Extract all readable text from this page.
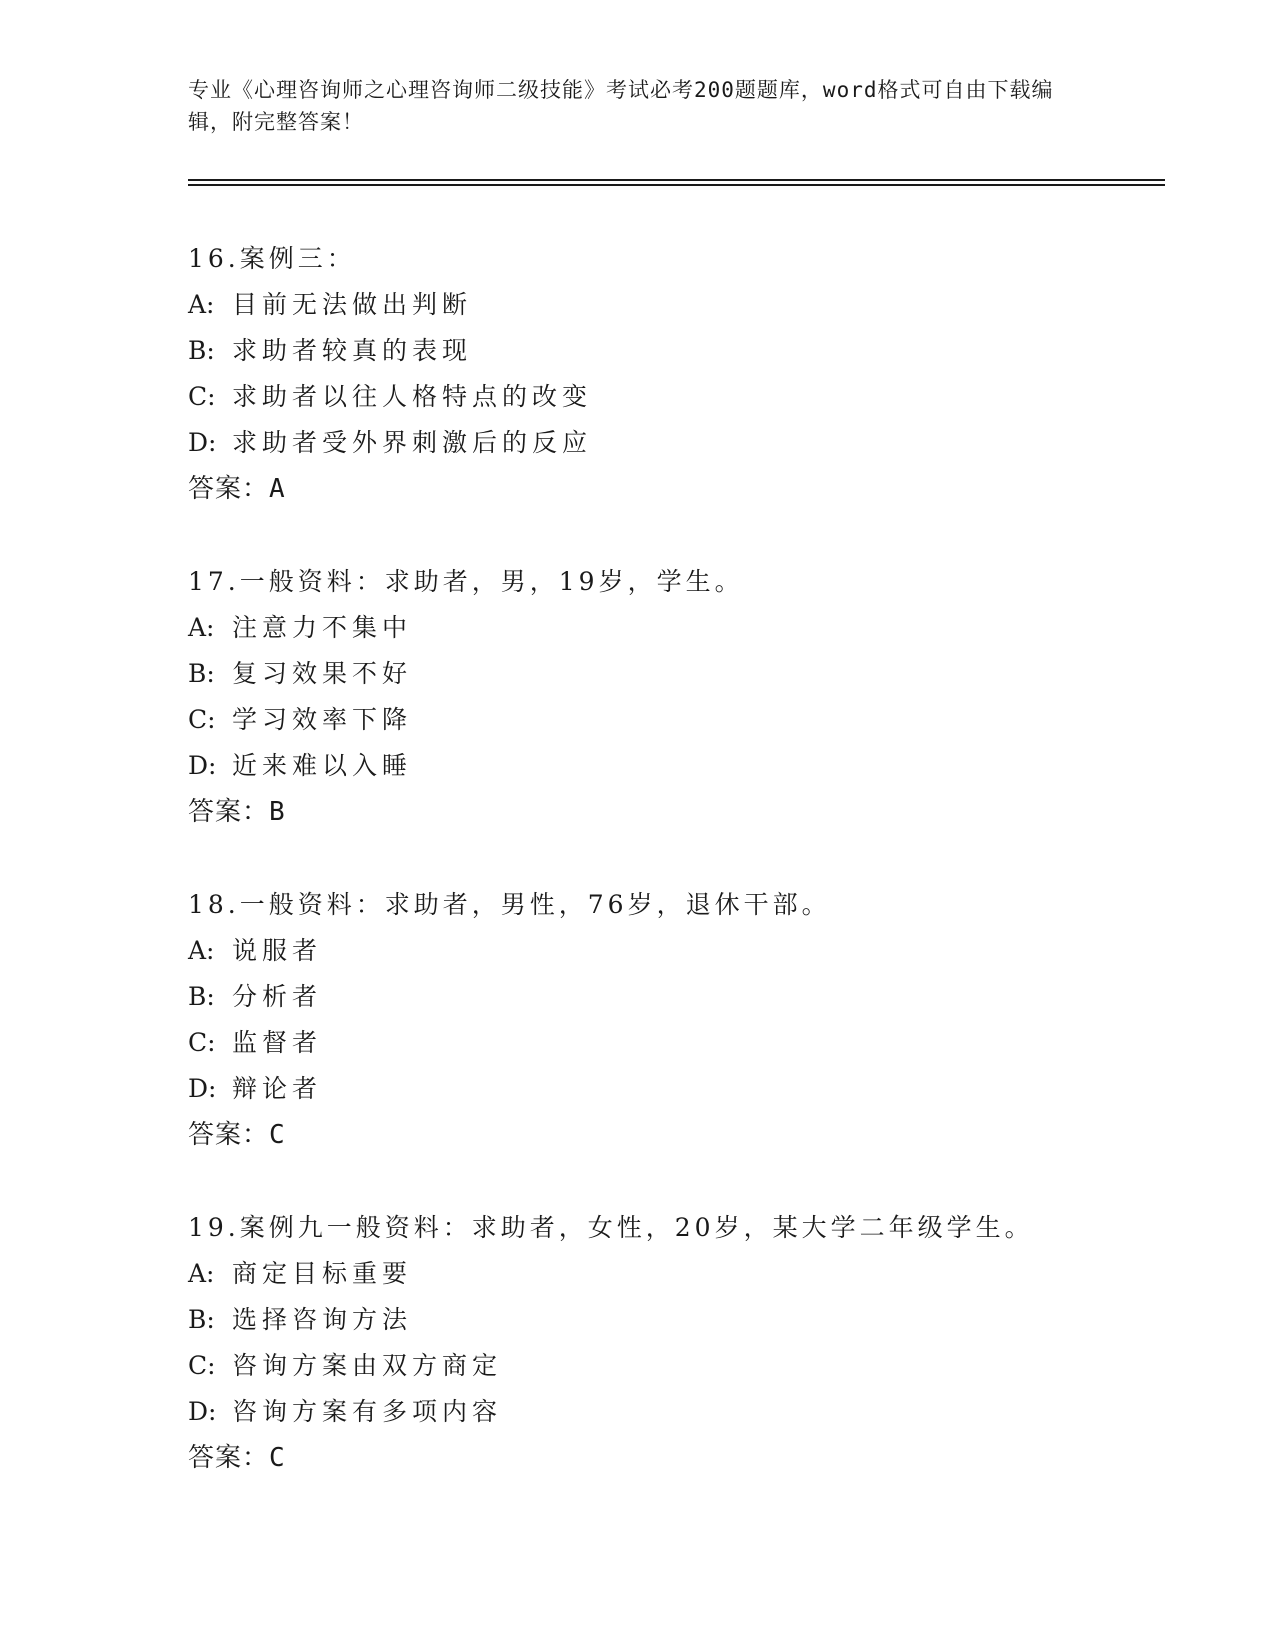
专业《心理咨询师之心理咨询师二级技能》考试必考200题题库，word格式可自由下载编辑，附完整答案！
16.案例三：
A: 目前无法做出判断
B: 求助者较真的表现
C: 求助者以往人格特点的改变
D: 求助者受外界刺激后的反应
答案：A
17.一般资料：求助者，男，19岁，学生。
A: 注意力不集中
B: 复习效果不好
C: 学习效率下降
D: 近来难以入睡
答案：B
18.一般资料：求助者，男性，76岁，退休干部。
A: 说服者
B: 分析者
C: 监督者
D: 辩论者
答案：C
19.案例九一般资料：求助者，女性，20岁，某大学二年级学生。
A: 商定目标重要
B: 选择咨询方法
C: 咨询方案由双方商定
D: 咨询方案有多项内容
答案：C
